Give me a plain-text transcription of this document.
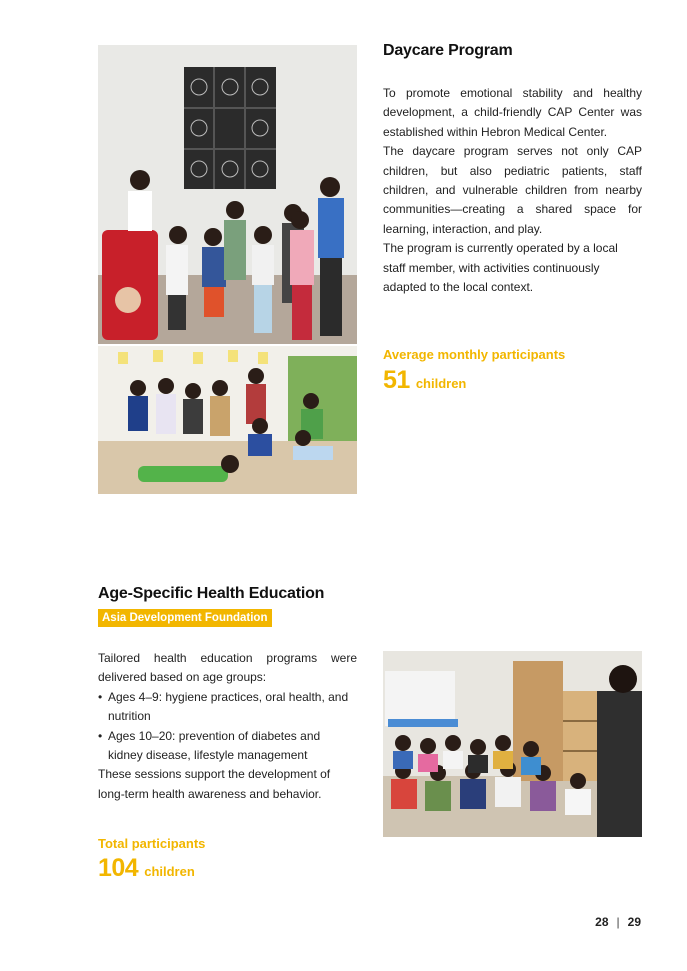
Daycare Program

To promote emotional stability and healthy development, a child-friendly CAP Center was established within Hebron Medical Center.

The daycare program serves not only CAP children, but also pediatric patients, staff children, and vulnerable children from nearby communities—creating a shared space for learning, interaction, and play.

The program is currently operated by a local staff member, with activities continuously adapted to the local context.

Average monthly participants
51 children
Age-Specific Health Education
Asia Development Foundation

Tailored health education programs were delivered based on age groups:

• Ages 4–9: hygiene practices, oral health, and nutrition
• Ages 10–20: prevention of diabetes and kidney disease, lifestyle management

These sessions support the development of long-term health awareness and behavior.

Total participants
104 children
28 | 29
